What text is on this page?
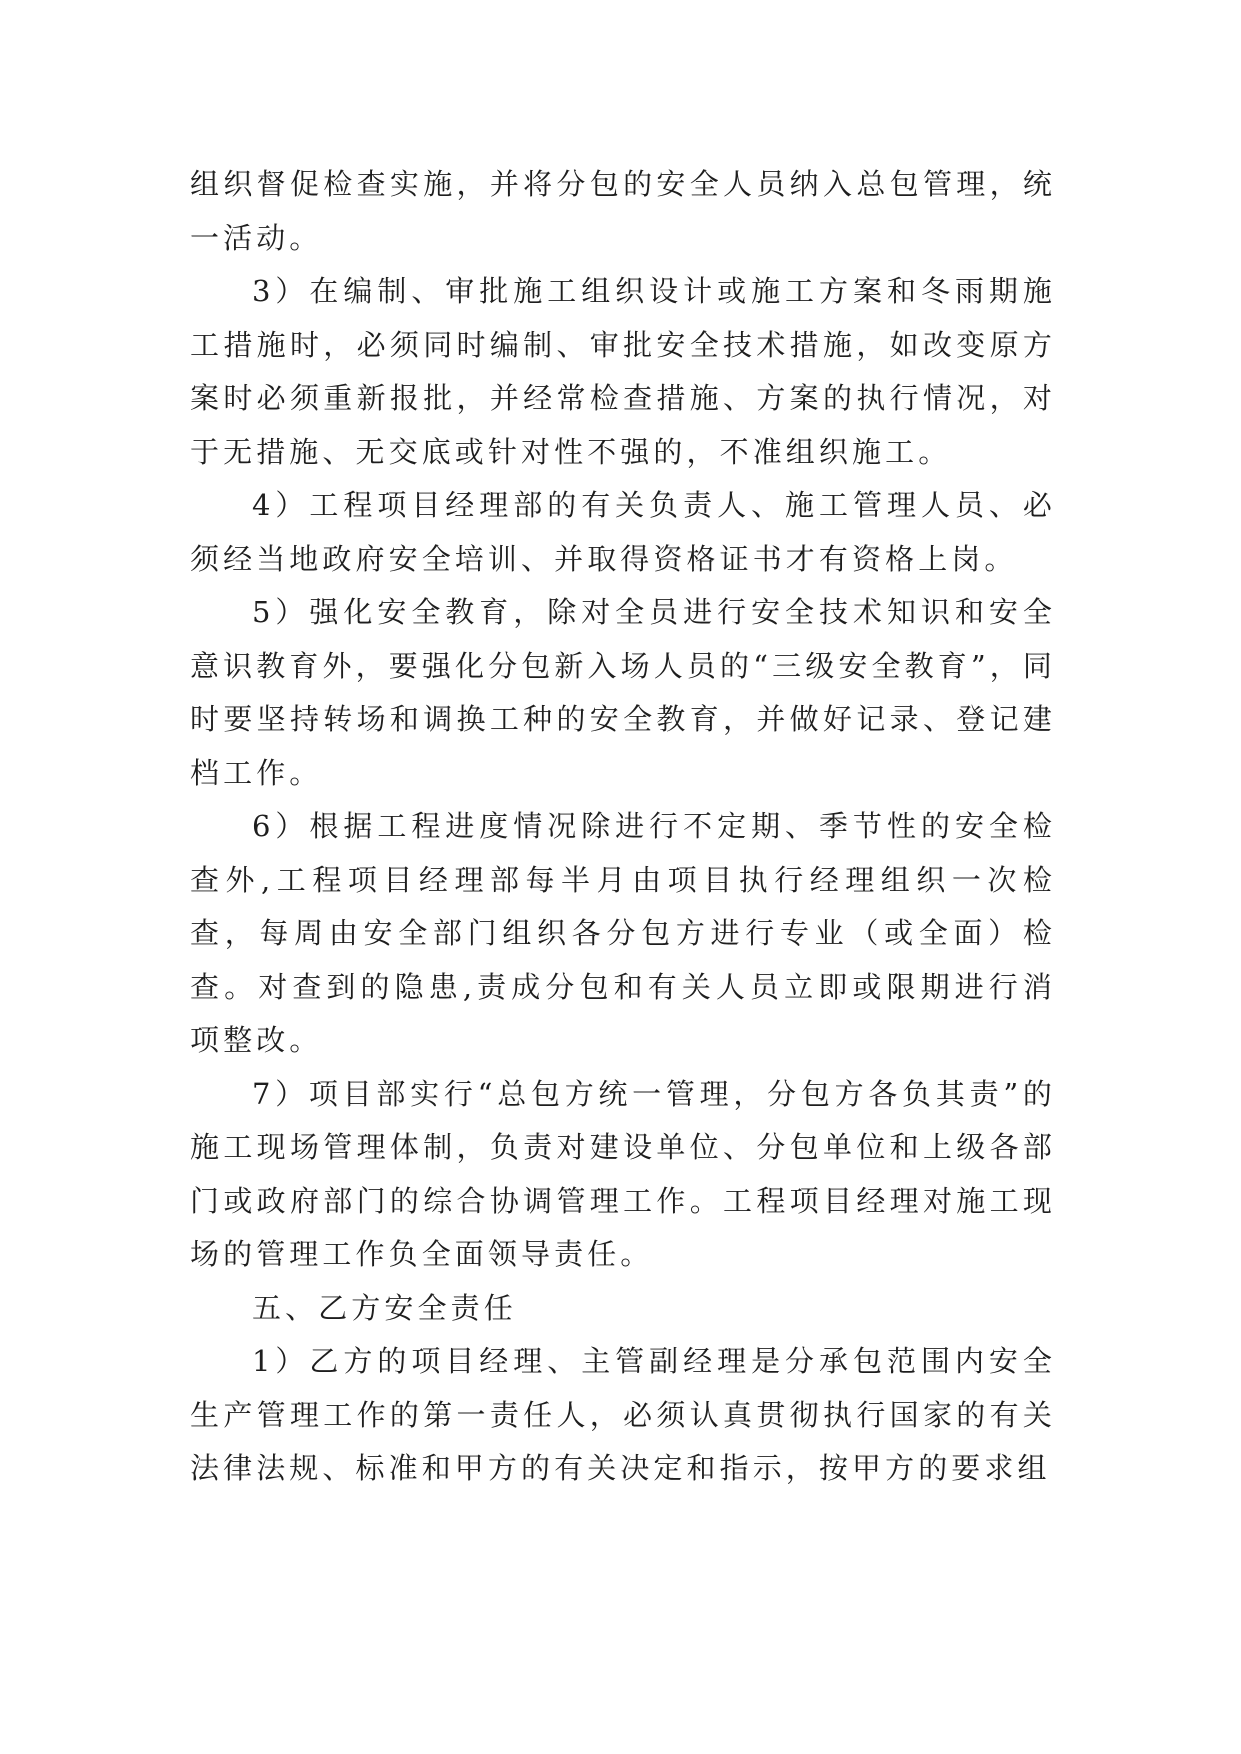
组织督促检查实施，并将分包的安全人员纳入总包管理，统一活动。

3）在编制、审批施工组织设计或施工方案和冬雨期施工措施时，必须同时编制、审批安全技术措施，如改变原方案时必须重新报批，并经常检查措施、方案的执行情况，对于无措施、无交底或针对性不强的，不准组织施工。

4）工程项目经理部的有关负责人、施工管理人员、必须经当地政府安全培训、并取得资格证书才有资格上岗。

5）强化安全教育，除对全员进行安全技术知识和安全意识教育外，要强化分包新入场人员的“三级安全教育”，同时要坚持转场和调换工种的安全教育，并做好记录、登记建档工作。

6）根据工程进度情况除进行不定期、季节性的安全检查外,工程项目经理部每半月由项目执行经理组织一次检查，每周由安全部门组织各分包方进行专业（或全面）检查。对查到的隐患,责成分包和有关人员立即或限期进行消项整改。

7）项目部实行“总包方统一管理，分包方各负其责”的施工现场管理体制，负责对建设单位、分包单位和上级各部门或政府部门的综合协调管理工作。工程项目经理对施工现场的管理工作负全面领导责任。

五、乙方安全责任

1）乙方的项目经理、主管副经理是分承包范围内安全生产管理工作的第一责任人，必须认真贯彻执行国家的有关法律法规、标准和甲方的有关决定和指示，按甲方的要求组
